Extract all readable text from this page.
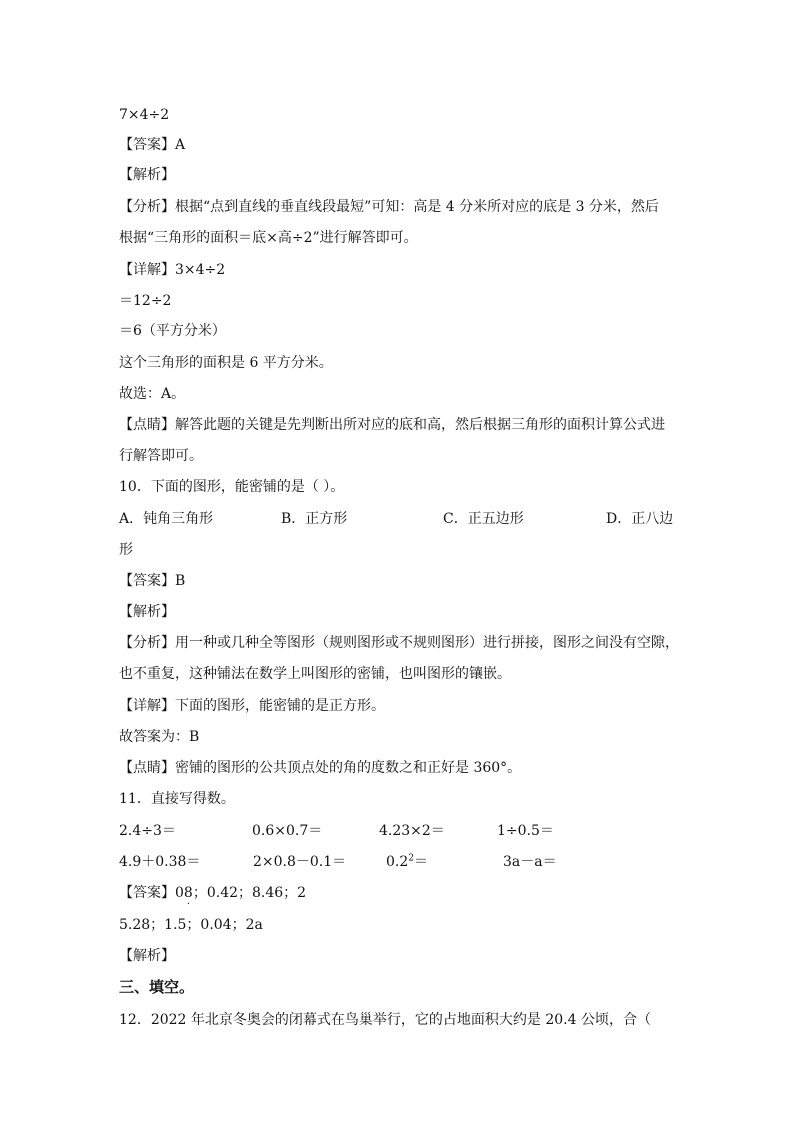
7×4÷2
【答案】A
【解析】
【分析】根据“点到直线的垂直线段最短”可知：高是 4 分米所对应的底是 3 分米，然后
根据“三角形的面积＝底×高÷2”进行解答即可。
【详解】3×4÷2
＝12÷2
＝6（平方分米）
这个三角形的面积是 6 平方分米。
故选：A。
【点睛】解答此题的关键是先判断出所对应的底和高，然后根据三角形的面积计算公式进
行解答即可。
10．下面的图形，能密铺的是（ ）。
A．钝角三角形	B．正方形	C．正五边形	D．正八边
形
【答案】B
【解析】
【分析】用一种或几种全等图形（规则图形或不规则图形）进行拼接，图形之间没有空隙，
也不重复，这种铺法在数学上叫图形的密铺，也叫图形的镶嵌。
【详解】下面的图形，能密铺的是正方形。
故答案为：B
【点睛】密铺的图形的公共顶点处的角的度数之和正好是 360°。
11．直接写得数。
2.4÷3＝	0.6×0.7＝	4.23×2＝	1÷0.5＝
4.9＋0.38＝	2×0.8－0.1＝	$0.2^2=$	3a－a＝
【答案】08
·
；0.42；8.46；2
5.28；1.5；0.04；2a
【解析】
三、填空。
12．2022 年北京冬奥会的闭幕式在鸟巢举行，它的占地面积大约是 20.4 公顷，合（
